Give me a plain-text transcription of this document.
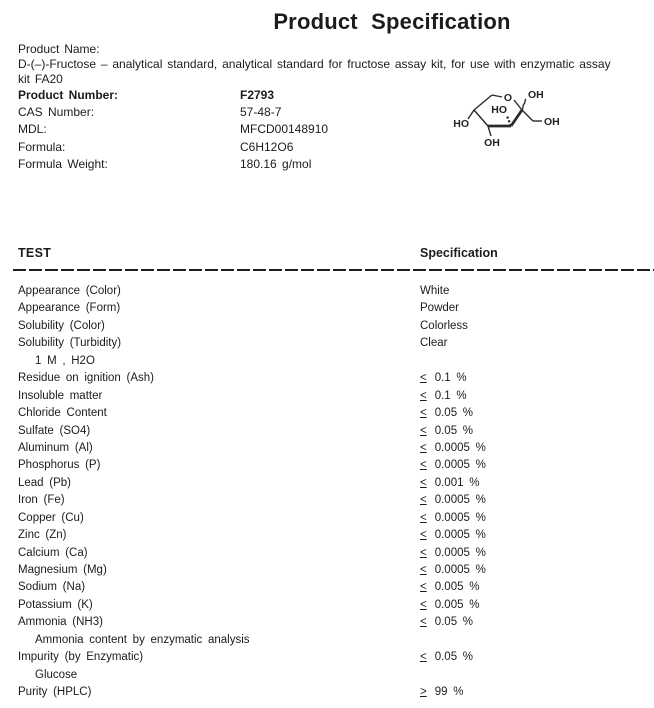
Product Specification
Product Name:
D-(–)-Fructose – analytical standard, analytical standard for fructose assay kit, for use with enzymatic assay
kit FA20
Product Number:	F2793
CAS Number:	57-48-7
MDL:	MFCD00148910
Formula:	C6H12O6
Formula Weight:	180.16 g/mol
O OH
HO
HO
OH
OH
TEST	Specification
Appearance (Color)	White
Appearance (Form)	Powder
Solubility (Color)	Colorless
Solubility (Turbidity)	Clear
1 M , H2O
Residue on ignition (Ash)	< 0.1 %
Insoluble matter	< 0.1 %
Chloride Content	< 0.05 %
Sulfate (SO4)	< 0.05 %
Aluminum (Al)	< 0.0005 %
Phosphorus (P)	< 0.0005 %
Lead (Pb)	< 0.001 %
Iron (Fe)	< 0.0005 %
Copper (Cu)	< 0.0005 %
Zinc (Zn)	< 0.0005 %
Calcium (Ca)	< 0.0005 %
Magnesium (Mg)	< 0.0005 %
Sodium (Na)	< 0.005 %
Potassium (K)	< 0.005 %
Ammonia (NH3)	< 0.05 %
Ammonia content by enzymatic analysis
Impurity (by Enzymatic)	< 0.05 %
Glucose
Purity (HPLC)	> 99 %
